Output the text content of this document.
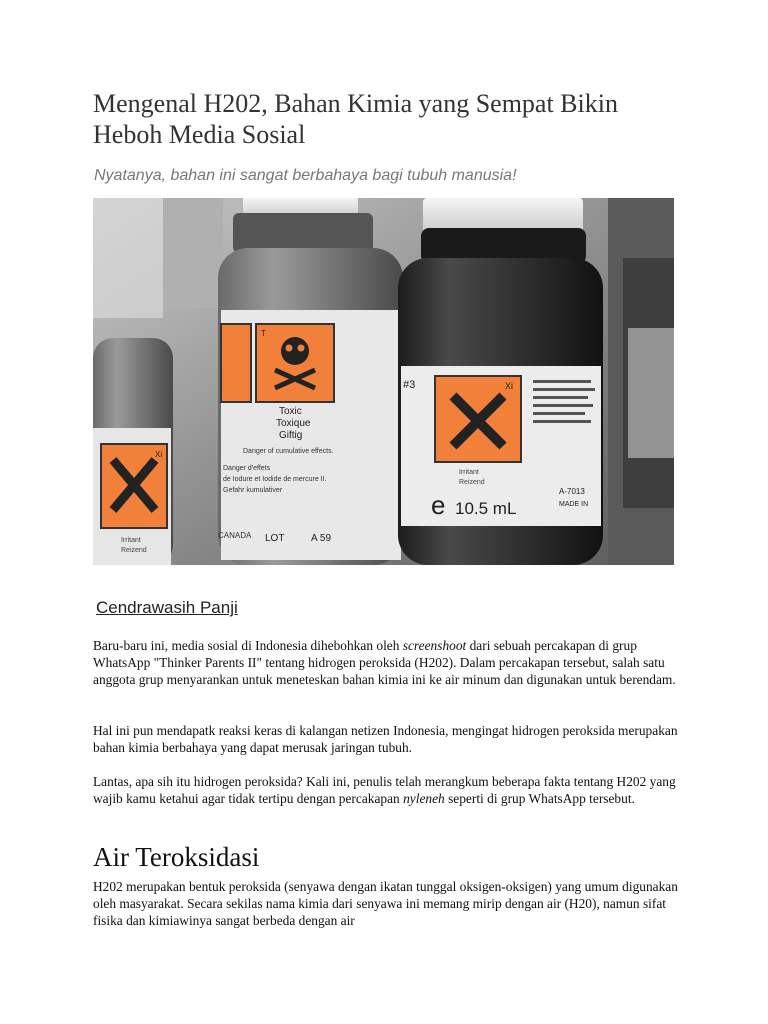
Mengenal H202, Bahan Kimia yang Sempat Bikin Heboh Media Sosial

Nyatanya, bahan ini sangat berbahaya bagi tubuh manusia!

Xi
Irritant
Reizend
T
Toxic
Toxique
Giftig
Danger of cumulative effects.
Danger d'effets
de Iodure et Iodide de mercure II.
Gefahr kumulativer
CANADA LOT	A 59
Xi
Irritant
Reizend
e 10.5 mL
A-7013
MADE IN
#3
Cendrawasih Panji

Baru-baru ini, media sosial di Indonesia dihebohkan oleh screenshoot dari sebuah percakapan di grup WhatsApp "Thinker Parents II" tentang hidrogen peroksida (H202). Dalam percakapan tersebut, salah satu anggota grup menyarankan untuk meneteskan bahan kimia ini ke air minum dan digunakan untuk berendam.

Hal ini pun mendapatk reaksi keras di kalangan netizen Indonesia, mengingat hidrogen peroksida merupakan bahan kimia berbahaya yang dapat merusak jaringan tubuh.

Lantas, apa sih itu hidrogen peroksida? Kali ini, penulis telah merangkum beberapa fakta tentang H202 yang wajib kamu ketahui agar tidak tertipu dengan percakapan nyleneh seperti di grup WhatsApp tersebut.

Air Teroksidasi

H202 merupakan bentuk peroksida (senyawa dengan ikatan tunggal oksigen-oksigen) yang umum digunakan oleh masyarakat. Secara sekilas nama kimia dari senyawa ini memang mirip dengan air (H20), namun sifat fisika dan kimiawinya sangat berbeda dengan air
